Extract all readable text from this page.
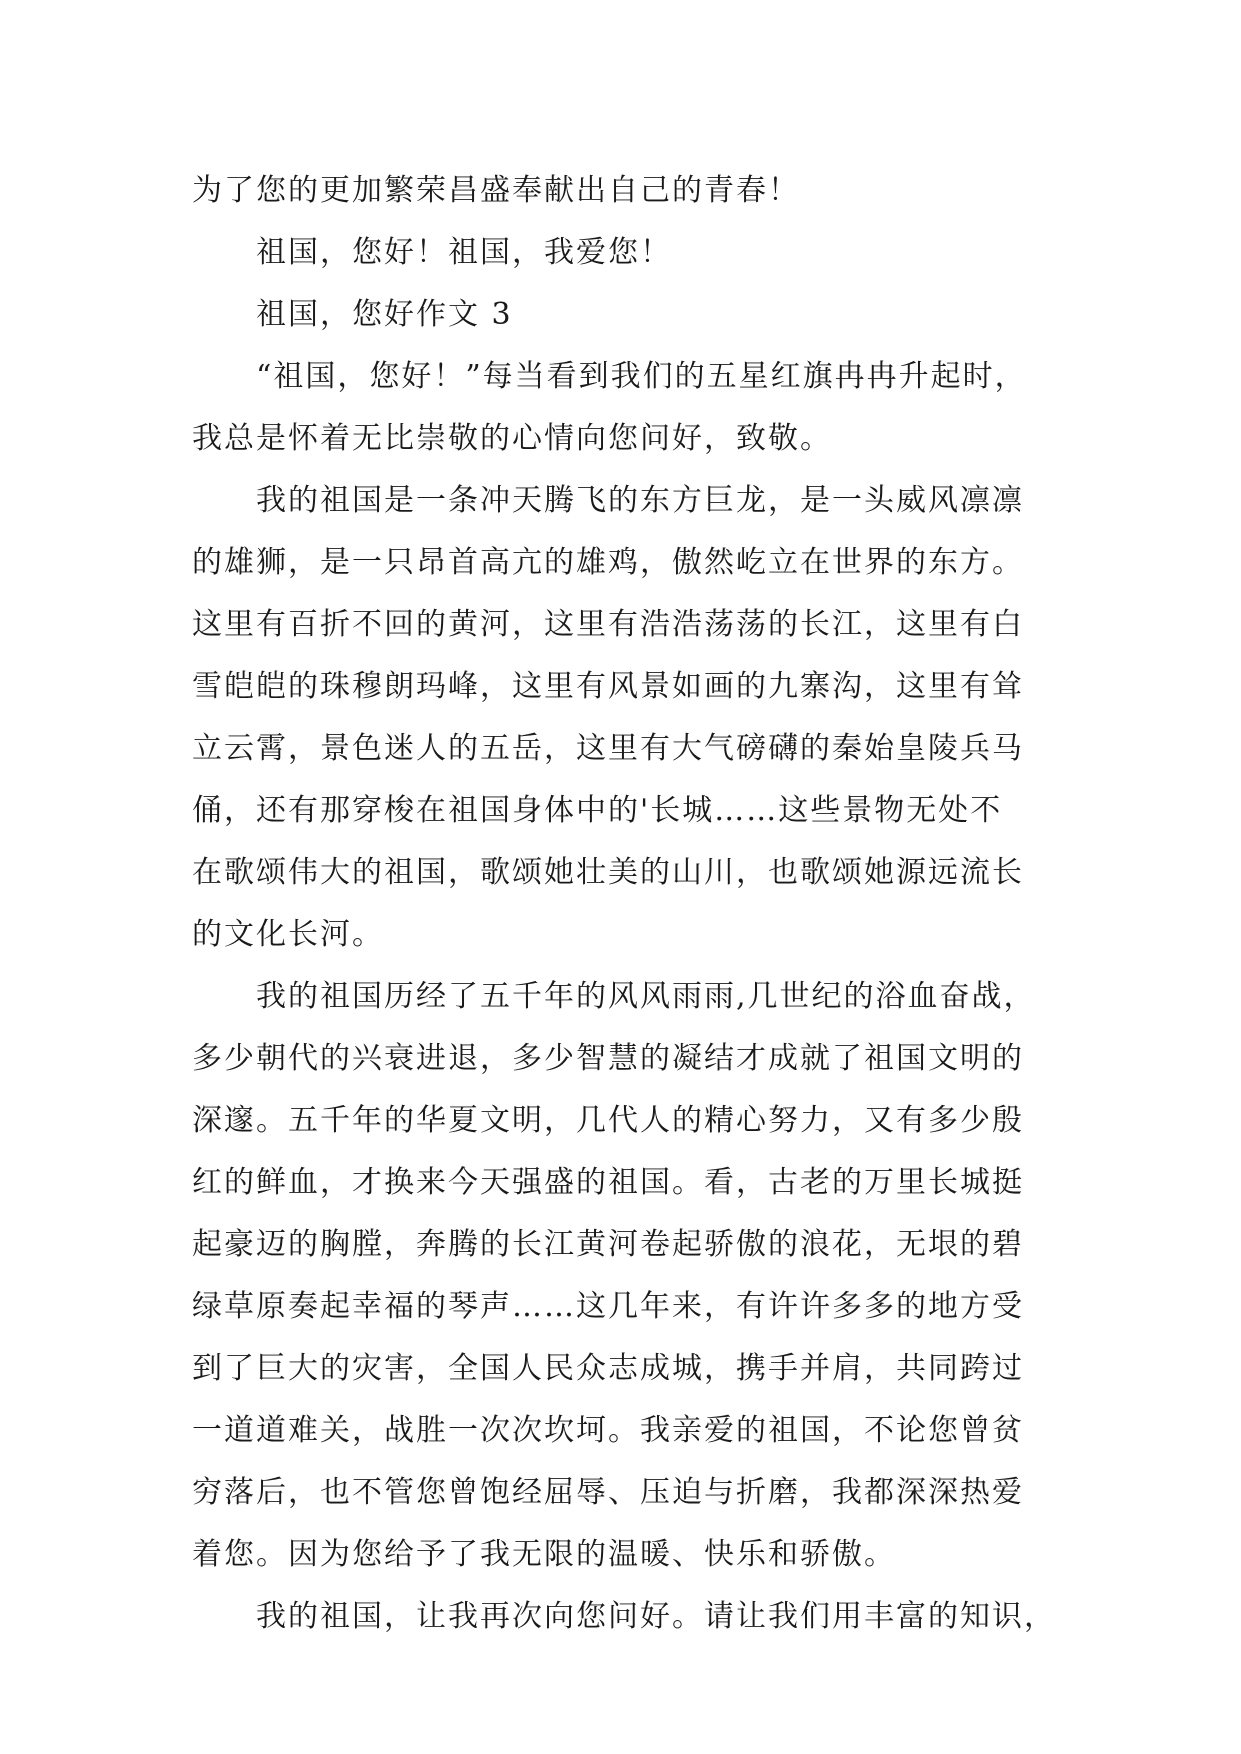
为了您的更加繁荣昌盛奉献出自己的青春！

祖国，您好！祖国，我爱您！

祖国，您好作文 3

“祖国，您好！”每当看到我们的五星红旗冉冉升起时，

我总是怀着无比崇敬的心情向您问好，致敬。

我的祖国是一条冲天腾飞的东方巨龙，是一头威风凛凛

的雄狮，是一只昂首高亢的雄鸡，傲然屹立在世界的东方。

这里有百折不回的黄河，这里有浩浩荡荡的长江，这里有白

雪皑皑的珠穆朗玛峰，这里有风景如画的九寨沟，这里有耸

立云霄，景色迷人的五岳，这里有大气磅礴的秦始皇陵兵马

俑，还有那穿梭在祖国身体中的'长城……这些景物无处不

在歌颂伟大的祖国，歌颂她壮美的山川，也歌颂她源远流长

的文化长河。

我的祖国历经了五千年的风风雨雨,几世纪的浴血奋战，

多少朝代的兴衰进退，多少智慧的凝结才成就了祖国文明的

深邃。五千年的华夏文明，几代人的精心努力，又有多少殷

红的鲜血，才换来今天强盛的祖国。看，古老的万里长城挺

起豪迈的胸膛，奔腾的长江黄河卷起骄傲的浪花，无垠的碧

绿草原奏起幸福的琴声……这几年来，有许许多多的地方受

到了巨大的灾害，全国人民众志成城，携手并肩，共同跨过

一道道难关，战胜一次次坎坷。我亲爱的祖国，不论您曾贫

穷落后，也不管您曾饱经屈辱、压迫与折磨，我都深深热爱

着您。因为您给予了我无限的温暖、快乐和骄傲。

我的祖国，让我再次向您问好。请让我们用丰富的知识，
